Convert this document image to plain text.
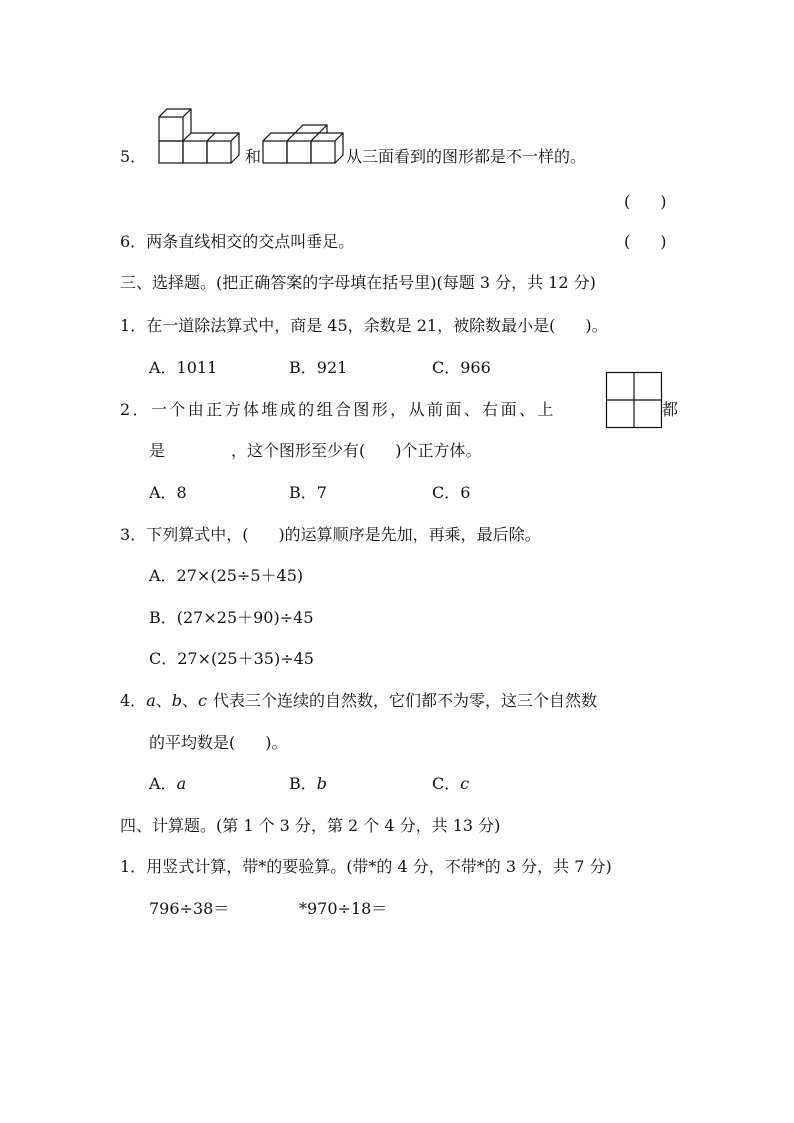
5．	和	从三面看到的图形都是不一样的。
( )
6．两条直线相交的交点叫垂足。	( )
三、选择题。(把正确答案的字母填在括号里)(每题 3 分，共 12 分)
1．在一道除法算式中，商是 45，余数是 21，被除数最小是( )。
A．1011	B．921	C．966
2．一个由正方体堆成的组合图形，从前面、右面、上	都
是	，这个图形至少有( )个正方体。
A．8	B．7	C．6
3．下列算式中，( )的运算顺序是先加，再乘，最后除。
A．27×(25÷5＋45)
B．(27×25＋90)÷45
C．27×(25＋35)÷45
4．a、b、c 代表三个连续的自然数，它们都不为零，这三个自然数
的平均数是( )。
A．a	B．b	C．c
四、计算题。(第 1 个 3 分，第 2 个 4 分，共 13 分)
1．用竖式计算，带*的要验算。(带*的 4 分，不带*的 3 分，共 7 分)
796÷38＝	*970÷18＝
